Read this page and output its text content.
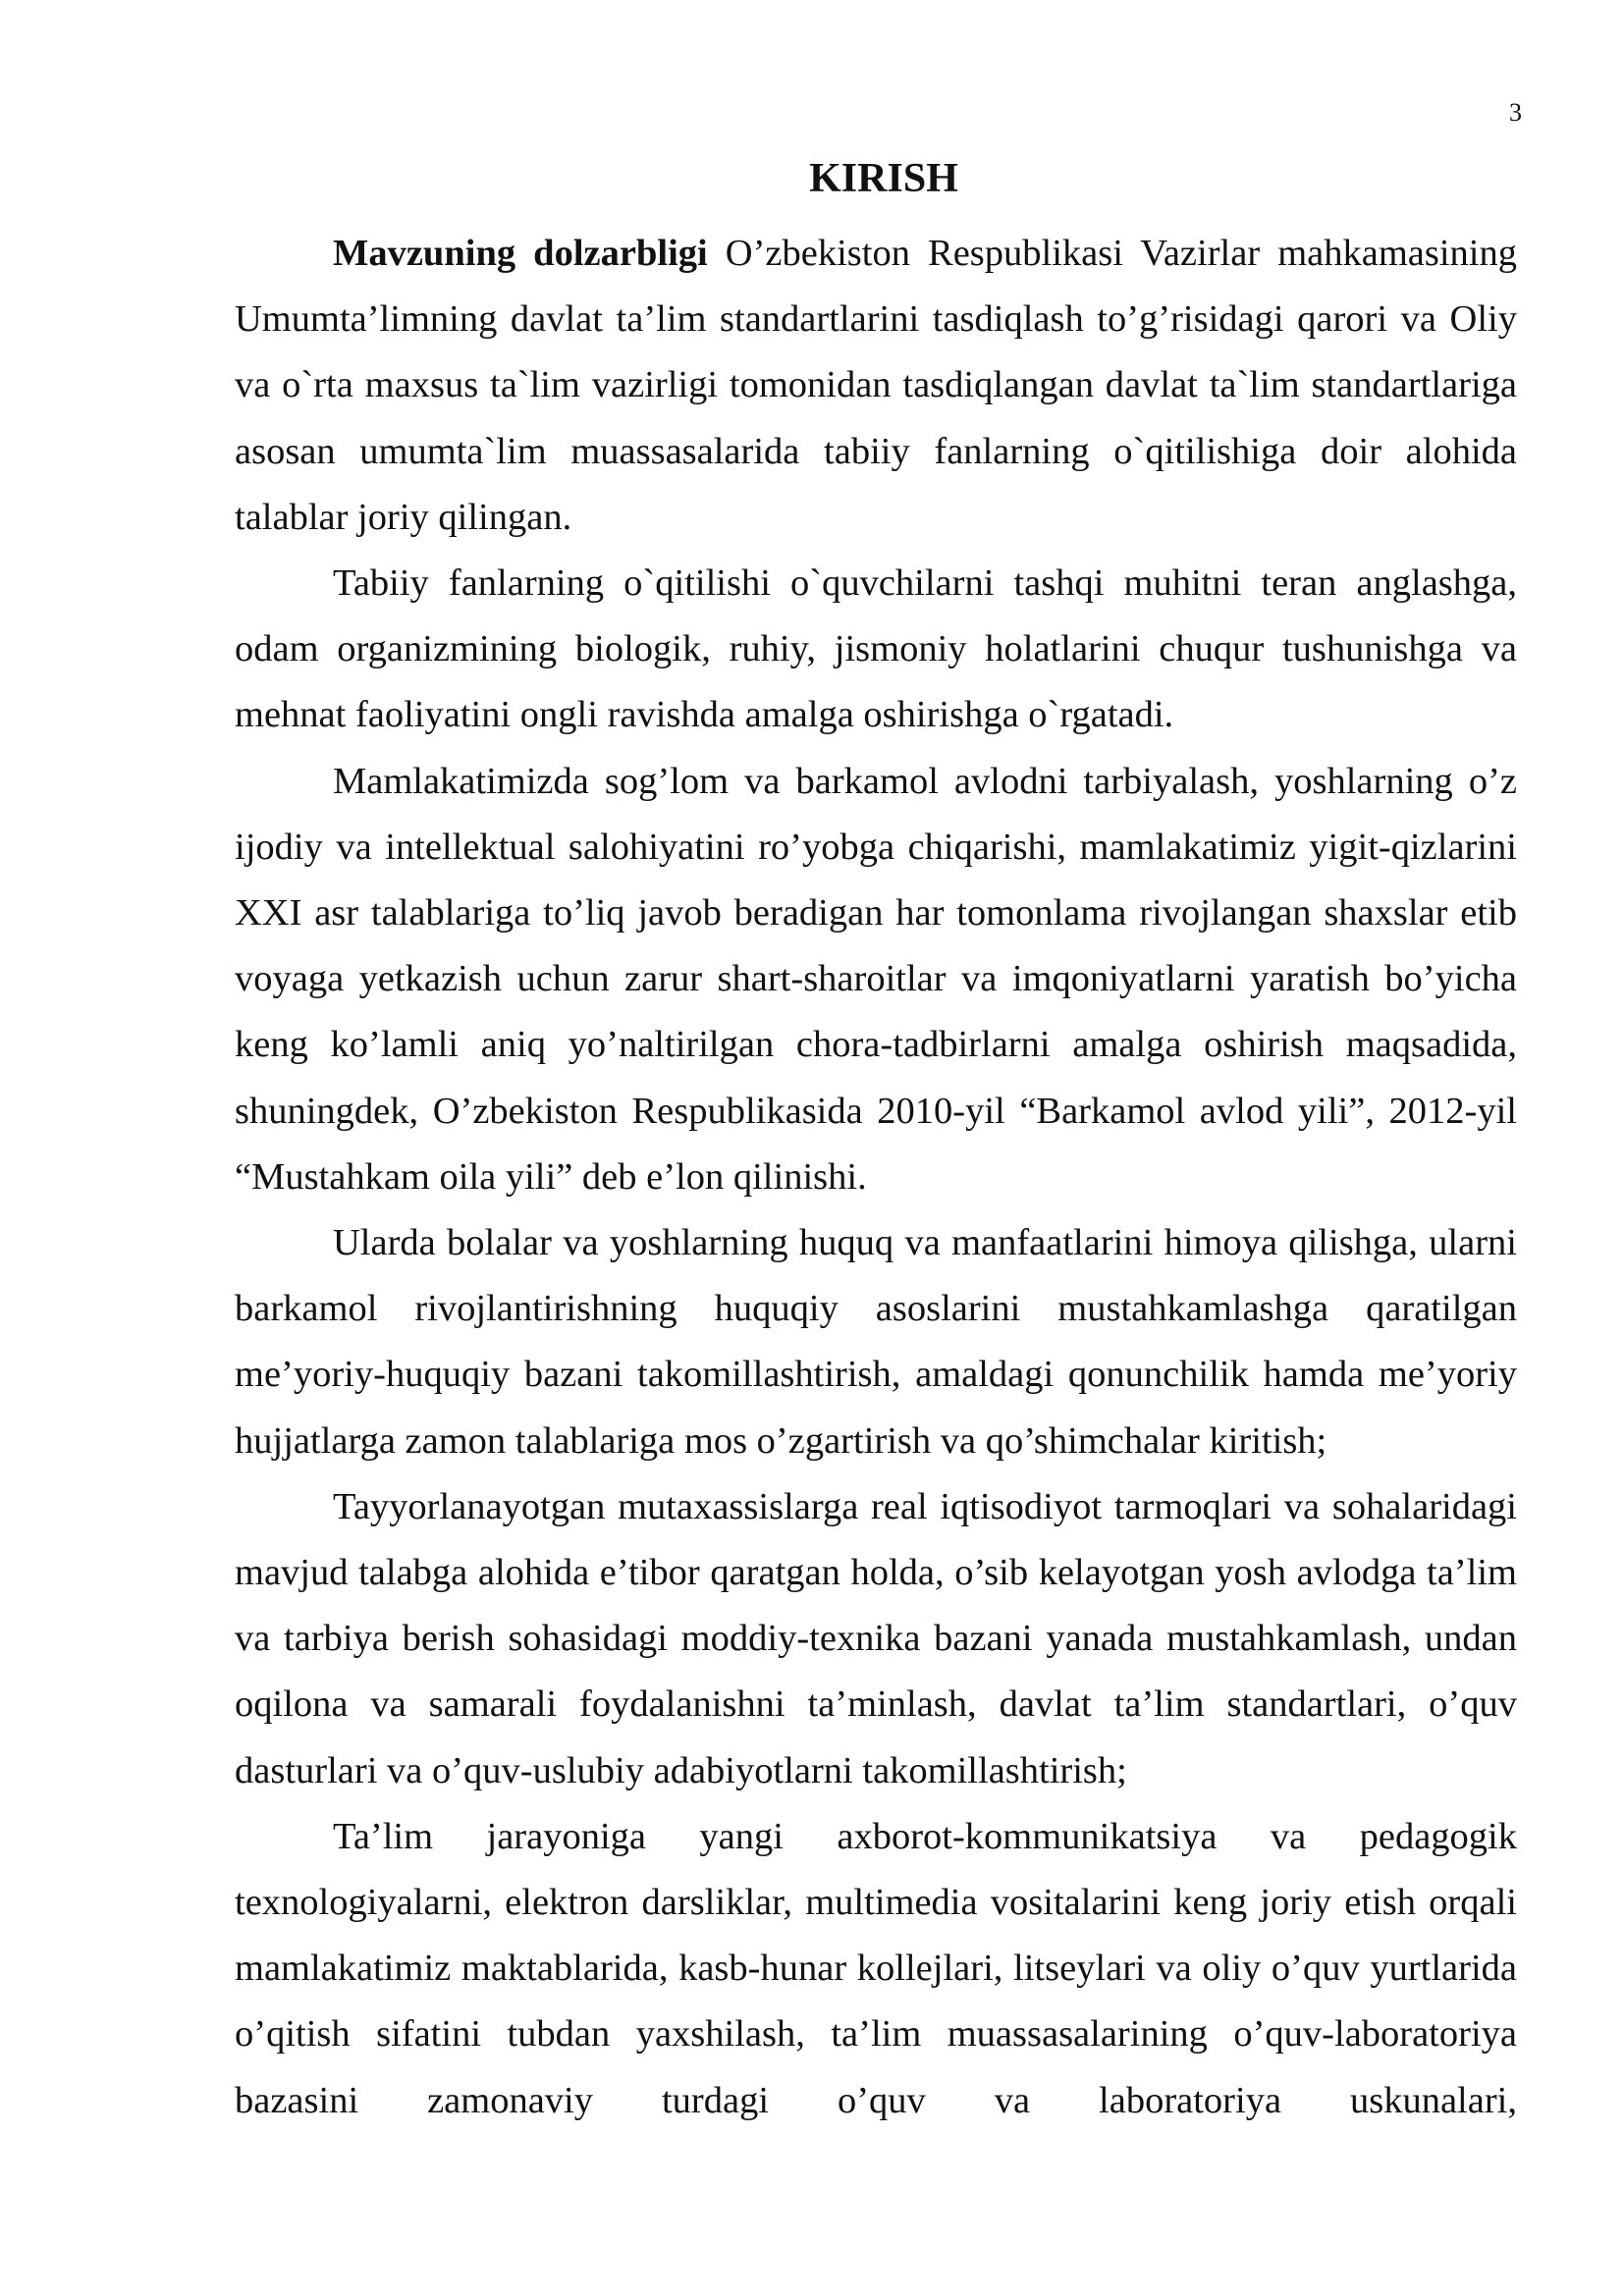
3
KIRISH

Mavzuning dolzarbligi O’zbekiston Respublikasi Vazirlar mahkamasining Umumta’limning davlat ta’lim standartlarini tasdiqlash to’g’risidagi qarori va Oliy va o`rta maxsus ta`lim vazirligi tomonidan tasdiqlangan davlat ta`lim standartlariga asosan umumta`lim muassasalarida tabiiy fanlarning o`qitilishiga doir alohida talablar joriy qilingan.

Tabiiy fanlarning o`qitilishi o`quvchilarni tashqi muhitni teran anglashga, odam organizmining biologik, ruhiy, jismoniy holatlarini chuqur tushunishga va mehnat faoliyatini ongli ravishda amalga oshirishga o`rgatadi.

Mamlakatimizda sog’lom va barkamol avlodni tarbiyalash, yoshlarning o’z ijodiy va intellektual salohiyatini ro’yobga chiqarishi, mamlakatimiz yigit-qizlarini XXI asr talablariga to’liq javob beradigan har tomonlama rivojlangan shaxslar etib voyaga yetkazish uchun zarur shart-sharoitlar va imqoniyatlarni yaratish bo’yicha keng ko’lamli aniq yo’naltirilgan chora-tadbirlarni amalga oshirish maqsadida, shuningdek, O’zbekiston Respublikasida 2010-yil “Barkamol avlod yili”, 2012-yil “Mustahkam oila yili” deb e’lon qilinishi.

Ularda bolalar va yoshlarning huquq va manfaatlarini himoya qilishga, ularni barkamol rivojlantirishning huquqiy asoslarini mustahkamlashga qaratilgan me’yoriy-huquqiy bazani takomillashtirish, amaldagi qonunchilik hamda me’yoriy hujjatlarga zamon talablariga mos o’zgartirish va qo’shimchalar kiritish;

Tayyorlanayotgan mutaxassislarga real iqtisodiyot tarmoqlari va sohalaridagi mavjud talabga alohida e’tibor qaratgan holda, o’sib kelayotgan yosh avlodga ta’lim va tarbiya berish sohasidagi moddiy-texnika bazani yanada mustahkamlash, undan oqilona va samarali foydalanishni ta’minlash, davlat ta’lim standartlari, o’quv dasturlari va o’quv-uslubiy adabiyotlarni takomillashtirish;

Ta’lim jarayoniga yangi axborot-kommunikatsiya va pedagogik texnologiyalarni, elektron darsliklar, multimedia vositalarini keng joriy etish orqali mamlakatimiz maktablarida, kasb-hunar kollejlari, litseylari va oliy o’quv yurtlarida o’qitish sifatini tubdan yaxshilash, ta’lim muassasalarining o’quv-laboratoriya bazasini zamonaviy turdagi o’quv va laboratoriya uskunalari,
